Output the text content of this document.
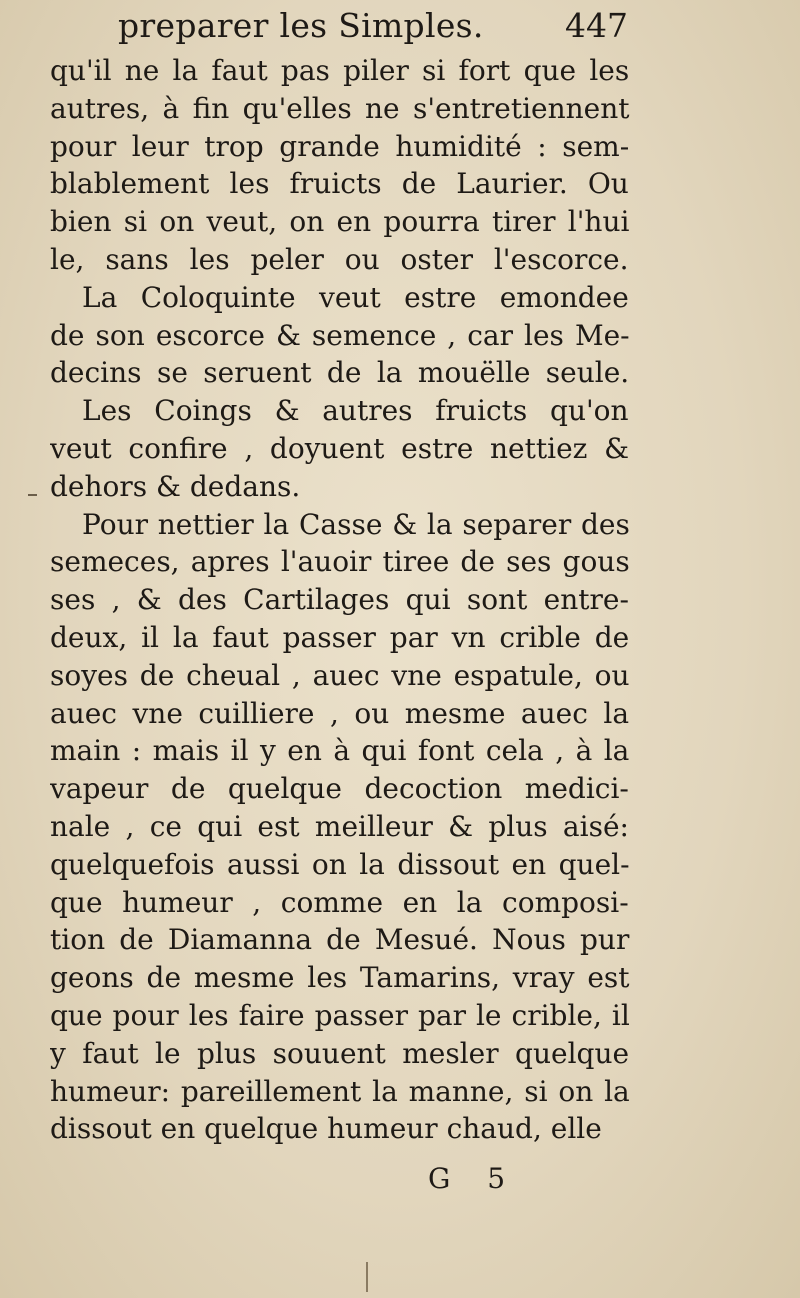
preparer les Simples. 447
qu'il ne la faut pas piler si fort que les
autres, à fin qu'elles ne s'entretiennent
pour leur trop grande humidité : sem-
blablement les fruicts de Laurier. Ou
bien si on veut, on en pourra tirer l'hui
le, sans les peler ou oster l'escorce.
La Coloquinte veut estre emondee
de son escorce & semence , car les Me-
decins se seruent de la mouëlle seule.
Les Coings & autres fruicts qu'on
veut confire , doyuent estre nettiez &
dehors & dedans.
Pour nettier la Casse & la separer des
semeces, apres l'auoir tiree de ses gous
ses , & des Cartilages qui sont entre-
deux, il la faut passer par vn crible de
soyes de cheual , auec vne espatule, ou
auec vne cuilliere , ou mesme auec la
main : mais il y en à qui font cela , à la
vapeur de quelque decoction medici-
nale , ce qui est meilleur & plus aisé:
quelquefois aussi on la dissout en quel-
que humeur , comme en la composi-
tion de Diamanna de Mesué. Nous pur
geons de mesme les Tamarins, vray est
que pour les faire passer par le crible, il
y faut le plus souuent mesler quelque
humeur: pareillement la manne, si on la
dissout en quelque humeur chaud, elle
G 5
